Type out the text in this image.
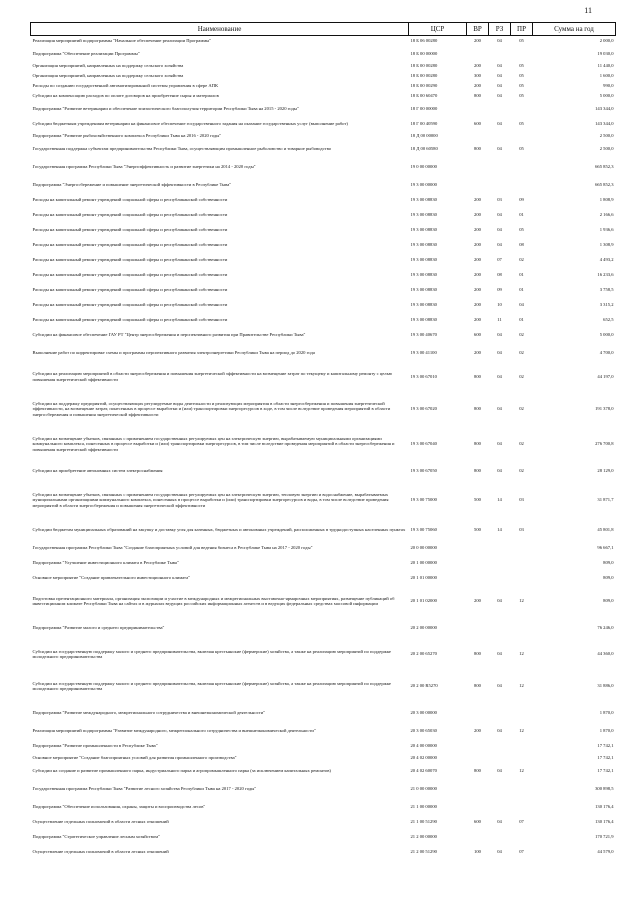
11
Наименование	ЦСР	ВР	РЗ	ПР	Сумма на год
Реализация мероприятий подпрограммы "Начальное обеспечение реализации Программы"	18 Б 06 00280	200	04	05	2 000,0
Подпрограмма "Обеспечение реализации Программы"	18 Б 00 00000				19 030,0
Организация мероприятий, направленных на поддержку сельского хозяйства	18 Б 00 00280	200	04	05	11 440,0
Организация мероприятий, направленных на поддержку сельского хозяйства	18 Б 00 00280	300	04	05	1 600,0
Расходы по созданию государственной автоматизированной системы управления в сфере АПК	18 Б 00 00290	200	04	05	990,0
Субсидии на компенсацию расходов по оплате договоров на приобретение сырья и материалов	18 Б 00 60470	800	04	05	5 000,0
Подпрограмма "Развитие ветеринарии и обеспечение эпизоотического благополучия территории Республики Тыва на 2015 - 2020 годы"	18 Г 00 00000				143 344,0
Субсидии бюджетным учреждениям ветеринарии на финансовое обеспечение государственного задания на оказание государственных услуг (выполнение работ)	18 Г 00 40590	600	04	05	143 344,0
Подпрограмма "Развитие рыбохозяйственного комплекса Республики Тыва на 2016 - 2020 годы"	18 Д 00 00000				2 500,0
Государственная поддержка субъектам предпринимательства Республики Тыва, осуществляющим промышленное рыболовство и товарное рыбоводство	18 Д 00 60580	800	04	05	2 500,0
Государственная программа Республики Тыва "Энергоэффективность и развитие энергетики на 2014 - 2020 годы"	19 0 00 00000				665 852,3
Подпрограмма "Энергосбережение и повышение энергетической эффективности в Республике Тыва"	19 3 00 00000				665 852,3
Расходы на капитальный ремонт учреждений социальной сферы и республиканской собственности	19 3 00 08830	200	03	09	1 808,9
Расходы на капитальный ремонт учреждений социальной сферы и республиканской собственности	19 3 00 08830	200	04	01	2 166,6
Расходы на капитальный ремонт учреждений социальной сферы и республиканской собственности	19 3 00 08830	200	04	05	1 936,6
Расходы на капитальный ремонт учреждений социальной сферы и республиканской собственности	19 3 00 08830	200	04	08	1 308,9
Расходы на капитальный ремонт учреждений социальной сферы и республиканской собственности	19 3 00 08830	200	07	02	4 493,2
Расходы на капитальный ремонт учреждений социальной сферы и республиканской собственности	19 3 00 08830	200	08	01	16 233,6
Расходы на капитальный ремонт учреждений социальной сферы и республиканской собственности	19 3 00 08830	200	09	01	3 758,5
Расходы на капитальный ремонт учреждений социальной сферы и республиканской собственности	19 3 00 08830	200	10	04	3 315,2
Расходы на капитальный ремонт учреждений социальной сферы и республиканской собственности	19 3 00 08830	200	11	01	652,5
Субсидии на финансовое обеспечение ГАУ РТ "Центр энергосбережения и перспективного развития при Правительстве Республики Тыва"	19 3 00 40670	600	04	02	5 000,0
Выполнение работ по корректировке схемы и программы перспективного развития электроэнергетики Республики Тыва на период до 2020 года	19 3 00 41100	200	04	02	4 700,0
Субсидии на реализацию мероприятий в области энергосбережения и повышения энергетической эффективности на возмещение затрат по текущему и капитальному ремонту с целью повышения энергетической эффективности	19 3 00 67010	800	04	02	44 197,0
Субсидии на поддержку предприятий, осуществляющих регулируемые виды деятельности и реализующих мероприятия в области энергосбережения и повышения энергетической эффективности, на возмещение затрат, понесенных в процессе выработки и (или) транспортировки энергоресурсов в ходе, в том числе вследствие проведения мероприятий в области энергосбережения и повышения энергетической эффективности	19 3 00 67020	800	04	02	191 378,0
Субсидии на возмещение убытков, связанных с применением государственных регулируемых цен на электрическую энергию, вырабатываемую муниципальными организациями коммунального комплекса, понесенных в процессе выработки и (или) транспортировки энергоресурсов, в том числе вследствие проведения мероприятий в области энергосбережения и повышения энергетической эффективности	19 3 00 67040	800	04	02	276 700,8
Субсидии на приобретение автономных систем электроснабжения	19 3 00 67050	800	04	02	28 129,0
Субсидии на возмещение убытков, связанных с применением государственных регулируемых цен на электрическую энергию, тепловую энергию и водоснабжение, вырабатываемых муниципальными организациями коммунального комплекса, понесенных в процессе выработки и (или) транспортировки энергоресурсов и воды, в том числе вследствие проведения мероприятий в области энергосбережения и повышения энергетической эффективности	19 3 00 75000	500	14	03	31 871,7
Субсидии бюджетам муниципальных образований на закупку и доставку угля для казенных, бюджетных и автономных учреждений, расположенных в труднодоступных населенных пунктах	19 3 00 75060	500	14	03	45 801,8
Государственная программа Республики Тыва "Создание благоприятных условий для ведения бизнеса в Республике Тыва на 2017 - 2020 годы"	20 0 00 00000				96 667,1
Подпрограмма "Улучшение инвестиционного климата в Республике Тыва"	20 1 00 00000				809,0
Основное мероприятие "Создание привлекательного инвестиционного климата"	20 1 01 00000				809,0
Подготовка презентационного материала, организация экспозиции и участие в международных и межрегиональных выставочно-ярмарочных мероприятиях, размещение публикаций об инвестиционном климате Республики Тыва на сайтах и в журналах ведущих российских информационных агентств и в ведущих федеральных средствах массовой информации	20 1 01 02000	200	04	12	809,0
Подпрограмма "Развитие малого и среднего предпринимательства"	20 2 00 00000				76 246,0
Субсидии на государственную поддержку малого и среднего предпринимательства, включая крестьянские (фермерские) хозяйства, а также на реализацию мероприятий по поддержке молодежного предпринимательства	20 2 00 65270	800	04	12	44 360,0
Субсидии на государственную поддержку малого и среднего предпринимательства, включая крестьянские (фермерские) хозяйства, а также на реализацию мероприятий по поддержке молодежного предпринимательства	20 2 00 R5270	800	04	12	31 886,0
Подпрограмма "Развитие международного, межрегионального сотрудничества и внешнеэкономической деятельности"	20 3 00 00000				1 870,0
Реализация мероприятий подпрограммы "Развитие международного, межрегионального сотрудничества и внешнеэкономической деятельности"	20 3 00 65030	200	04	12	1 870,0
Подпрограмма "Развитие промышленности в Республике Тыва"	20 4 00 00000				17 742,1
Основное мероприятие "Создание благоприятных условий для развития промышленного производства"	20 4 02 00000				17 742,1
Субсидии на создание и развитие промышленного парка, индустриального парка и агропромышленного парка (за исключением капитальных ремонтов)	20 4 02 60070	800	04	12	17 742,1
Государственная программа Республики Тыва "Развитие лесного хозяйства Республики Тыва на 2017 - 2020 годы"	21 0 00 00000				300 898,5
Подпрограмма "Обеспечение использования, охраны, защиты и воспроизводства лесов"	21 1 00 00000				130 176,4
Осуществление отдельных полномочий в области лесных отношений	21 1 00 51290	600	04	07	130 176,4
Подпрограмма "Стратегическое управление лесным хозяйством"	21 2 00 00000				170 721,9
Осуществление отдельных полномочий в области лесных отношений	21 2 00 51290	100	04	07	44 579,0
